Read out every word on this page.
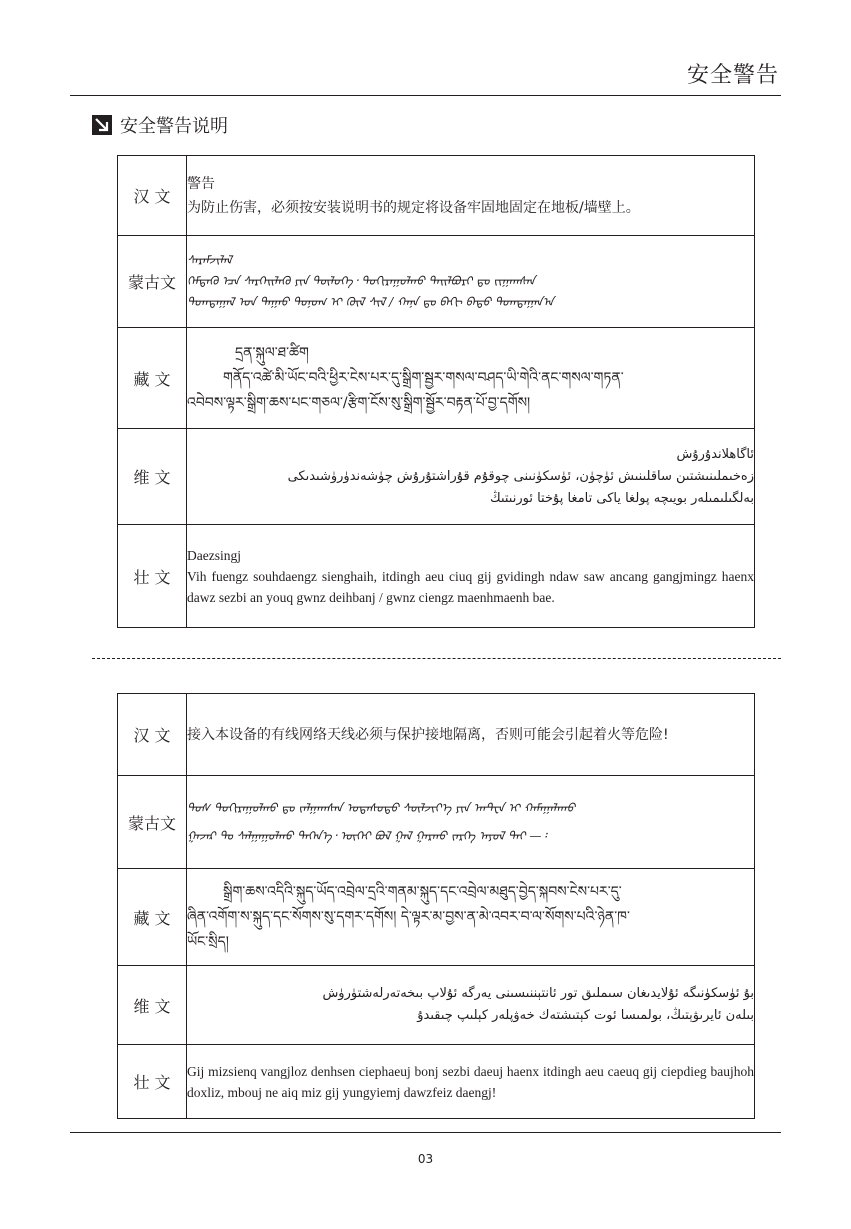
安全警告
安全警告说明
汉 文	警告
为防止伤害，必须按安装说明书的规定将设备牢固地固定在地板/墙壁上。

蒙古文	ᠰᠡᠷᠡᠮᠵᠢᠯᠡᠯ
ᠭᠡᠮᠲᠡᠬᠦ ᠡᠴᠡ ᠰᠡᠷᠭᠡᠢᠯᠡᠬᠦ ᠶᠢᠨ ᠲᠥᠯᠥᠭᠡ᠂ ᠲᠣᠬᠢᠷᠠᠭᠤᠯᠬᠤ ᠲᠠᠢᠯᠪᠤᠷᠢ ᠳᠤ ᠵᠢᠭᠠᠭᠰᠠᠨ
ᠲᠣᠭᠲᠠᠭᠠᠯ ᠤᠨ ᠳᠠᠭᠠᠤ ᠲᠣᠨᠤᠭ ᠢ ᠬᠥᠯ ᠰᠢᠯ / ᠬᠠᠨᠠ ᠳᠤ ᠪᠠᠬᠢ ᠪᠠᠲᠤ ᠲᠣᠭᠲᠠᠭᠠᠨ᠎ᠠ

藏 文	དྲན་སྐུལ་ཐ་ཚིག
གནོད་འཚེ་མི་ཡོང་བའི་ཕྱིར་ངེས་པར་དུ་སྒྲིག་སྦྱར་གསལ་བཤད་ཡི་གེའི་ནང་གསལ་གཏན་
འབེབས་ལྟར་སྒྲིག་ཆས་པང་གཅལ་/རྩིག་ངོས་སུ་སྒྲིག་སྦྱོར་བརྟན་པོ་བྱ་དགོས།

维 文	ئاگاھلاندۇرۇش
زەخىملىنىشتىن ساقلىنىش ئۈچۈن، ئۈسكۈنىنى چوقۇم قۇراشتۇرۇش چۈشەندۈرۈشىدىكى
بەلگىلىمىلەر بويىچە پولغا ياكى تامغا پۇختا ئورنىتىڭ

壮 文	Daezsingj
Vih fuengz souhdaengz sienghaih, itdingh aeu ciuq gij gvidingh ndaw saw ancang gangjmingz haenx dawz sezbi an youq gwnz deihbanj / gwnz ciengz maenhmaenh bae.
汉 文	接入本设备的有线网络天线必须与保护接地隔离，否则可能会引起着火等危险!

蒙古文	ᠲᠤᠰ ᠲᠣᠬᠢᠷᠠᠭᠤᠯᠬᠤ ᠳᠤ ᠵᠠᠯᠭᠠᠭᠰᠠᠨ ᠤᠲᠠᠰᠤᠲᠤ ᠰᠦᠯᠵᠢᠶ᠎ᠡ ᠶᠢᠨ ᠠᠨᠲᠧᠨ ᠢ ᠬᠠᠮᠠᠭᠠᠯᠠᠬᠤ
ᠭᠠᠵᠠᠷ ᠲᠤ ᠰᠠᠯᠭᠠᠭᠤᠯᠬᠤ ᠲᠡᠭᠡᠨ᠎ᠡ᠂ ᠦᠭᠡᠢ ᠪᠣᠯ ᠭᠠᠯ ᠭᠠᠷᠬᠤ ᠵᠡᠷᠭᠡ ᠠᠶᠤᠯ ᠲᠠᠢ —᠄

藏 文	སྒྲིག་ཆས་འདིའི་སྐུད་ཡོད་འབྲེལ་དྲའི་གནམ་སྐུད་དང་འབྲེལ་མཐུད་བྱེད་སྐབས་ངེས་པར་དུ་
ཞིན་འགོག་ས་སྐུད་དང་སོགས་སུ་དགར་དགོས། དེ་ལྟར་མ་བྱས་ན་མེ་འབར་བ་ལ་སོགས་པའི་ཉེན་ཁ་
ཡོང་སྲིད།

维 文	بۇ ئۈسكۈنىگە ئۇلايدىغان سىملىق تور ئانتېننىسىنى يەرگە ئۇلاپ بىخەتەرلەشتۈرۈش
بىلەن ئايرىۋېتىڭ، بولمىسا ئوت كېتىشتەك خەۋپلەر كېلىپ چىقىدۇ

壮 文	Gij mizsienq vangjloz denhsen ciephaeuj bonj sezbi daeuj haenx itdingh aeu caeuq gij ciepdieg baujhoh doxliz, mbouj ne aiq miz gij yungyiemj dawzfeiz daengj!
03
